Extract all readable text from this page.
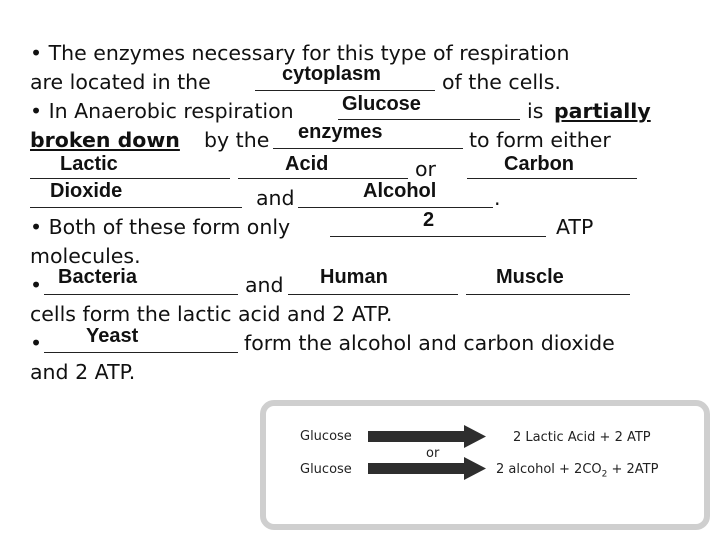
• The enzymes necessary for this type of respiration
are located in the	cytoplasm	of the cells.
• In Anaerobic respiration Glucose	is partially
broken down by the enzymes	to form either
Lactic	Acid	or	Carbon
Dioxide	and	Alcohol	.
• Both of these form only	2	ATP
molecules.
• Bacteria	and Human	Muscle
cells form the lactic acid and 2 ATP.
• Yeast	form the alcohol and carbon dioxide
and 2 ATP.
Glucose
Glucose
or
2 Lactic Acid + 2 ATP
2 alcohol + $2CO_2 + 2ATP$
